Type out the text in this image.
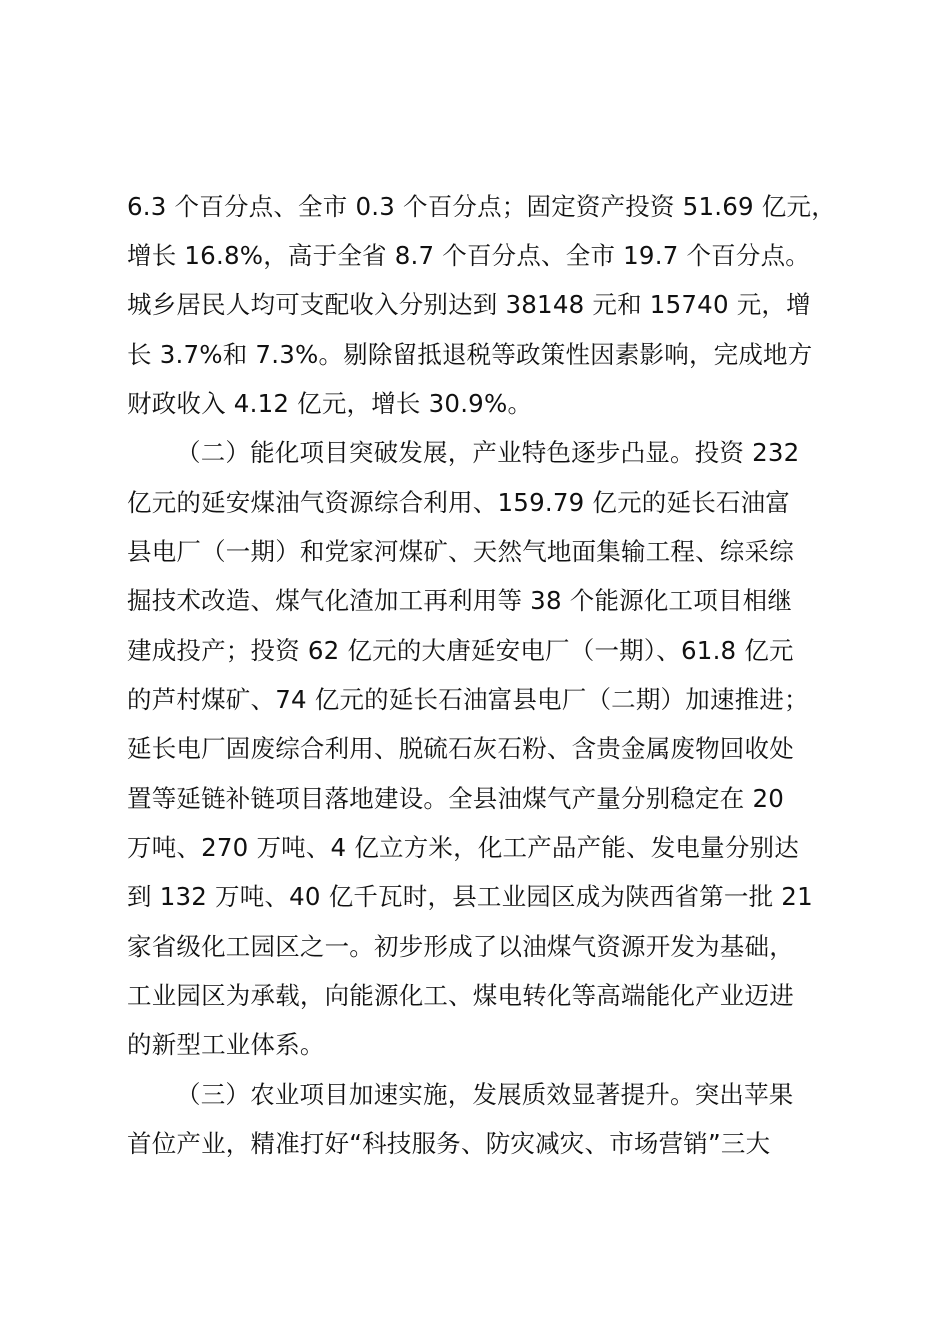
6.3 个百分点、全市 0.3 个百分点；固定资产投资 51.69 亿元，
增长 16.8%，高于全省 8.7 个百分点、全市 19.7 个百分点。
城乡居民人均可支配收入分别达到 38148 元和 15740 元，增
长 3.7%和 7.3%。剔除留抵退税等政策性因素影响，完成地方
财政收入 4.12 亿元，增长 30.9%。
（二）能化项目突破发展，产业特色逐步凸显。投资 232
亿元的延安煤油气资源综合利用、159.79 亿元的延长石油富
县电厂（一期）和党家河煤矿、天然气地面集输工程、综采综
掘技术改造、煤气化渣加工再利用等 38 个能源化工项目相继
建成投产；投资 62 亿元的大唐延安电厂（一期）、61.8 亿元
的芦村煤矿、74 亿元的延长石油富县电厂（二期）加速推进；
延长电厂固废综合利用、脱硫石灰石粉、含贵金属废物回收处
置等延链补链项目落地建设。全县油煤气产量分别稳定在 20
万吨、270 万吨、4 亿立方米，化工产品产能、发电量分别达
到 132 万吨、40 亿千瓦时，县工业园区成为陕西省第一批 21
家省级化工园区之一。初步形成了以油煤气资源开发为基础，
工业园区为承载，向能源化工、煤电转化等高端能化产业迈进
的新型工业体系。
（三）农业项目加速实施，发展质效显著提升。突出苹果
首位产业，精准打好“科技服务、防灾减灾、市场营销”三大
